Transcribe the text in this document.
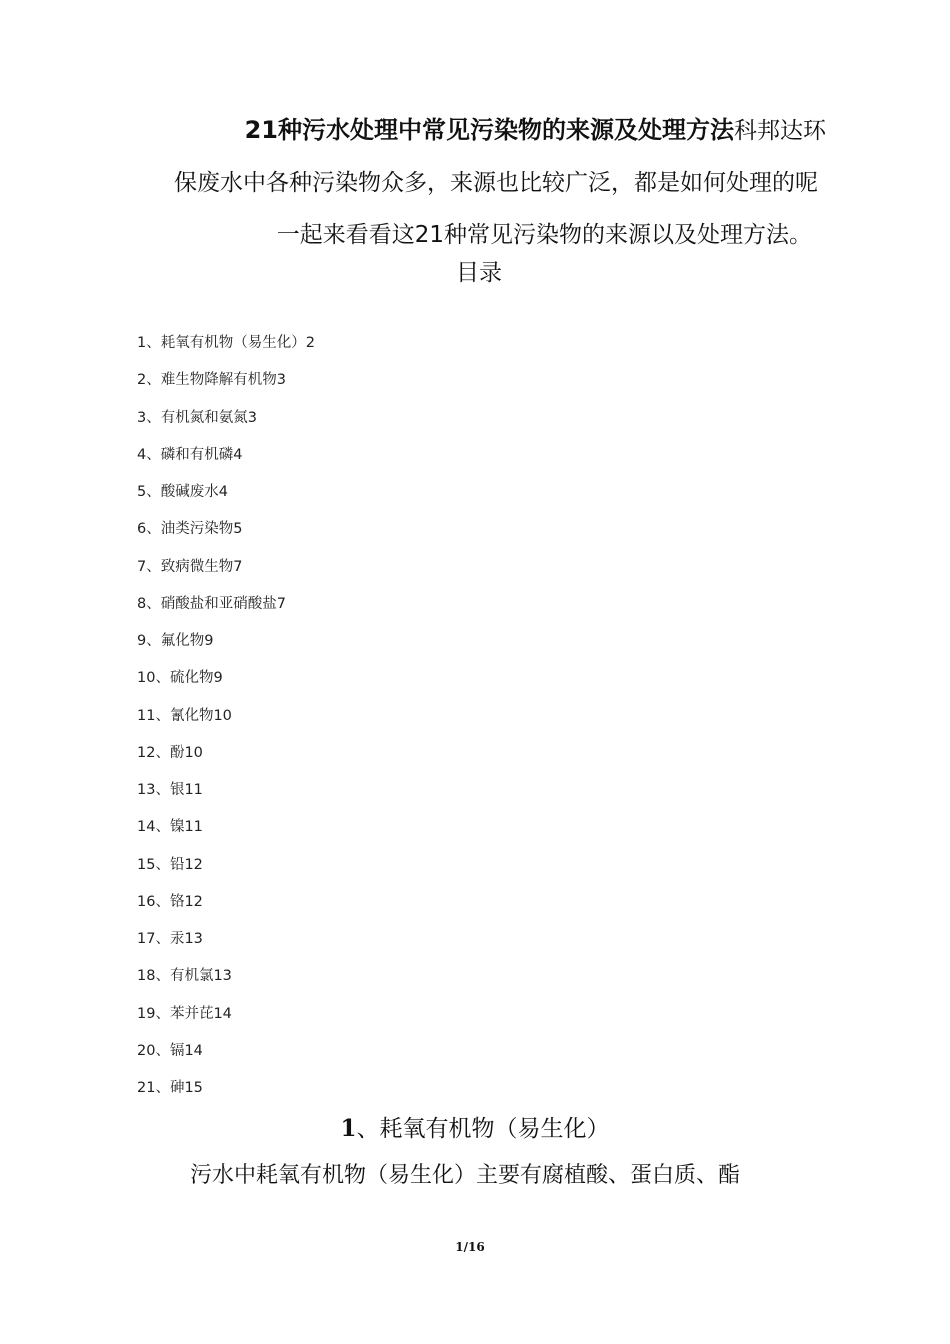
21种污水处理中常见污染物的来源及处理方法科邦达环
保废水中各种污染物众多，来源也比较广泛，都是如何处理的呢
一起来看看这21种常见污染物的来源以及处理方法。
目录
1、耗氧有机物（易生化）2
2、难生物降解有机物3
3、有机氮和氨氮3
4、磷和有机磷4
5、酸碱废水4
6、油类污染物5
7、致病微生物7
8、硝酸盐和亚硝酸盐7
9、氟化物9
10、硫化物9
11、氰化物10
12、酚10
13、银11
14、镍11
15、铅12
16、铬12
17、汞13
18、有机氯13
19、苯并芘14
20、镉14
21、砷15
1、耗氧有机物（易生化）
污水中耗氧有机物（易生化）主要有腐植酸、蛋白质、酯
1/16
